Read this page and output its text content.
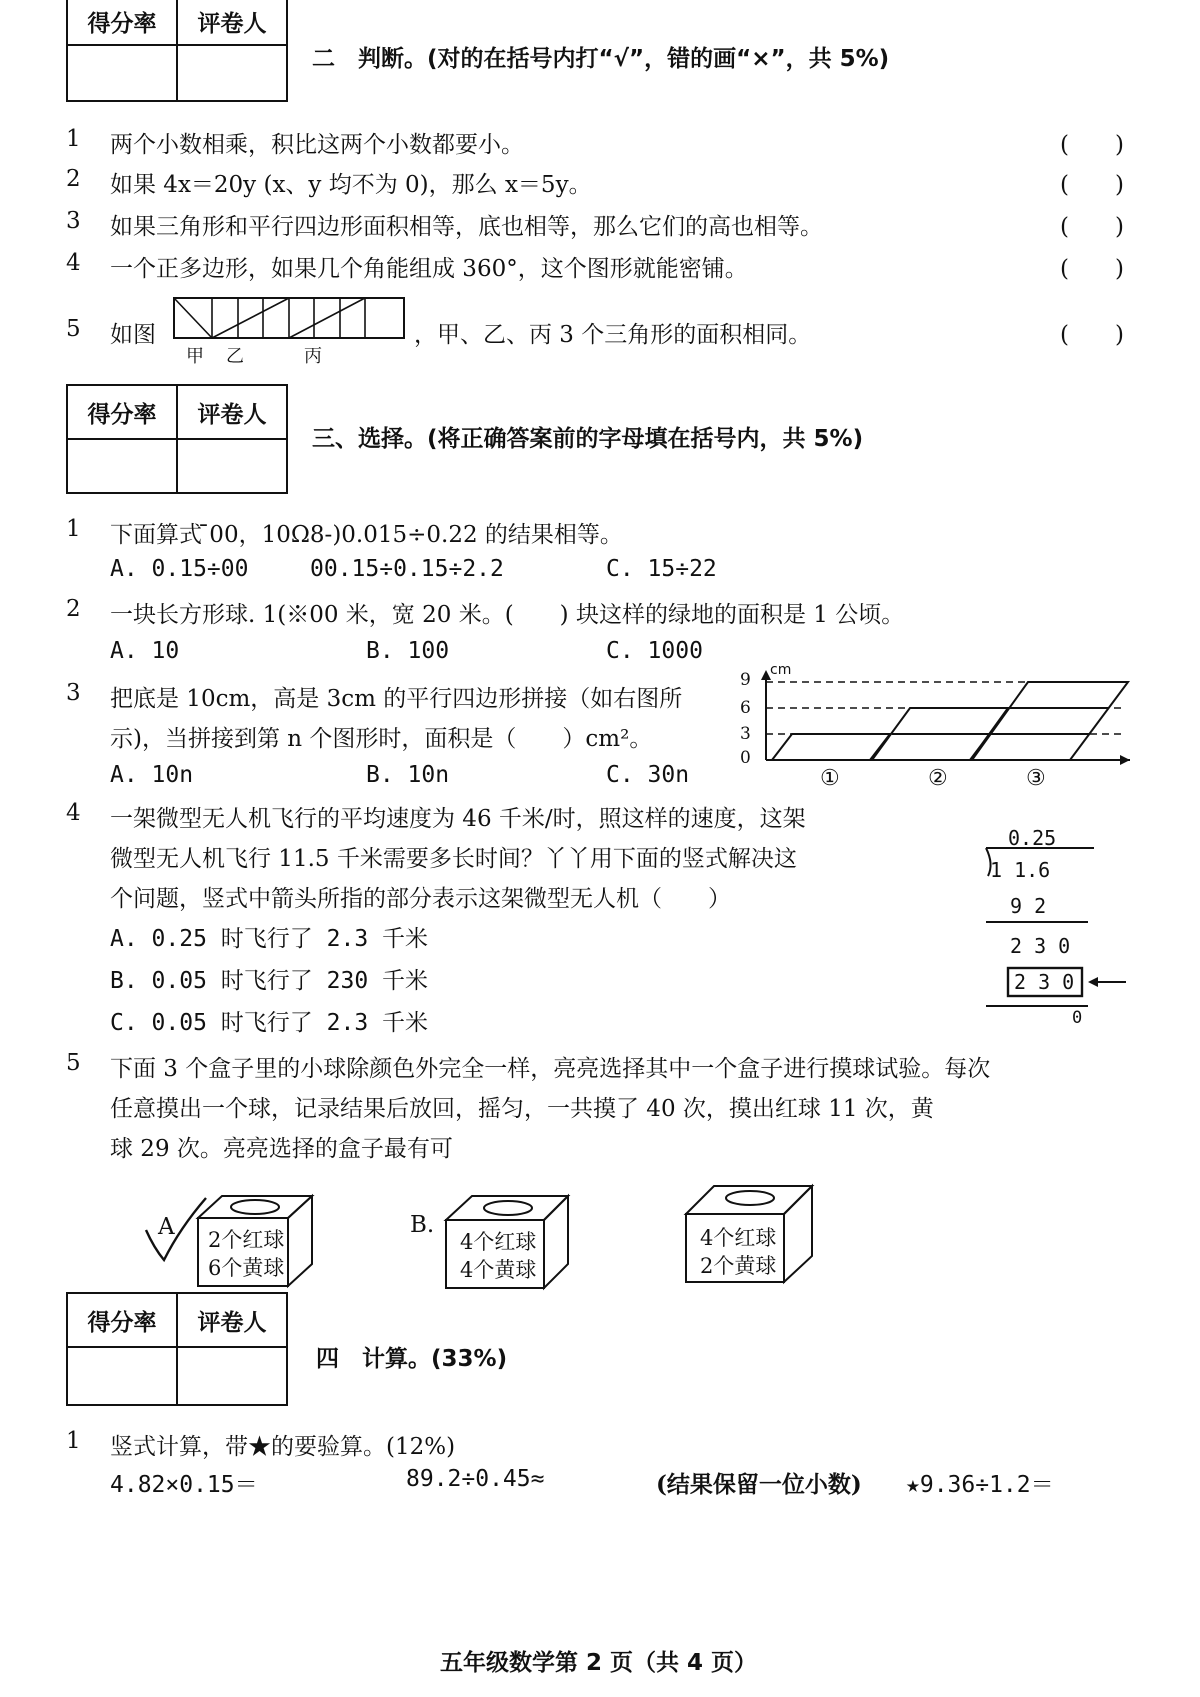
得分率	评卷人

二　判断。(对的在括号内打“√”，错的画“×”，共 5%)
1 两个小数相乘，积比这两个小数都要小。	(　　)
2 如果 4x＝20y (x、y 均不为 0)，那么 x＝5y。	(　　)
3 如果三角形和平行四边形面积相等，底也相等，那么它们的高也相等。	(　　)
4 一个正多边形，如果几个角能组成 360°，这个图形就能密铺。	(　　)
5 如图
甲 乙	丙
，甲、乙、丙 3 个三角形的面积相同。	(　　)
得分率	评卷人

三、选择。(将正确答案前的字母填在括号内，共 5%)
1 下面算式 ̄00，10Ω8-)0.015÷0.22 的结果相等。
A. 0.15÷00	00.15÷0.15÷2.2	C. 15÷22
2 一块长方形球. 1(※00 米，宽 20 米。(　　) 块这样的绿地的面积是 1 公顷。
A. 10	B. 100	C. 1000
3 把底是 10cm，高是 3cm 的平行四边形拼接（如右图所
示)，当拼接到第 n 个图形时，面积是（　　）cm²。
A. 10n	B. 10n	C. 30n
cm
9
6
3
0
①	②	③
4 一架微型无人机飞行的平均速度为 46 千米/时，照这样的速度，这架
微型无人机飞行 11.5 千米需要多长时间？丫丫用下面的竖式解决这
个问题，竖式中箭头所指的部分表示这架微型无人机（　　）
A. 0.25 时飞行了 2.3 千米
B. 0.05 时飞行了 230 千米
C. 0.05 时飞行了 2.3 千米
0.25
1 1.6
9 2
2 3 0
2 3 0
0
5 下面 3 个盒子里的小球除颜色外完全一样，亮亮选择其中一个盒子进行摸球试验。每次
任意摸出一个球，记录结果后放回，摇匀，一共摸了 40 次，摸出红球 11 次，黄
球 29 次。亮亮选择的盒子最有可
A 2个红球
6个黄球
B.
4个红球
4个黄球
4个红球
2个黄球
得分率	评卷人

四　计算。(33%)
1 竖式计算，带★的要验算。(12%)
4.82×0.15＝	89.2÷0.45≈	(结果保留一位小数) ★9.36÷1.2＝
五年级数学第 2 页（共 4 页）
